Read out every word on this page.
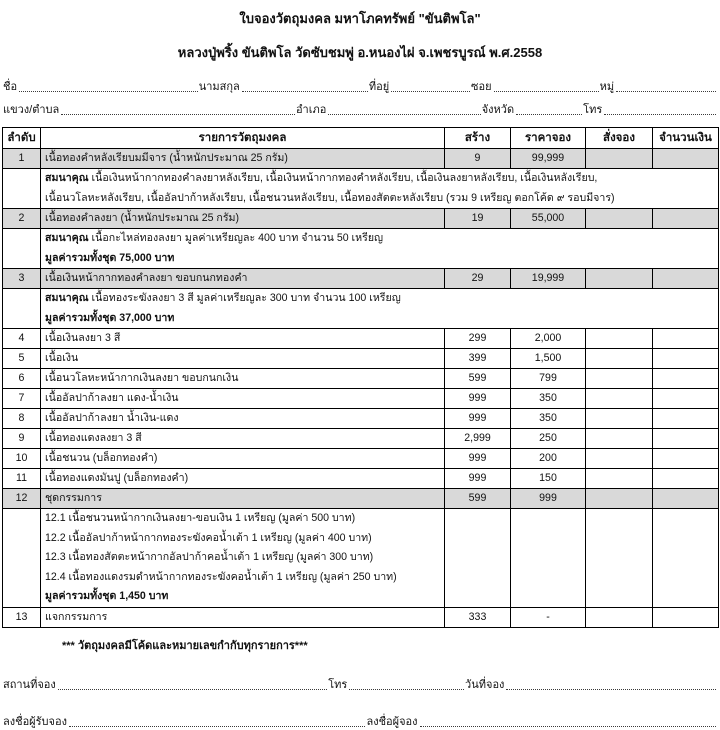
ใบจองวัตถุมงคล มหาโภคทรัพย์ "ขันติพโล"
หลวงปู่พริ้ง ขันติพโล วัดซับชมพู่ อ.หนองไผ่ จ.เพชรบูรณ์ พ.ศ.2558
ชื่อ	นามสกุล	ที่อยู่	ซอย	หมู่
แขวง/ตำบล	อำเภอ	จังหวัด	โทร
ลำดับ	รายการวัตถุมงคล	สร้าง	ราคาจอง	สั่งจอง	จำนวนเงิน
1	เนื้อทองคำหลังเรียบมมีจาร (น้ำหนักประมาณ 25 กรัม)	9	99,999		

	สมนาคุณ เนื้อเงินหน้ากากทองคำลงยาหลังเรียบ, เนื้อเงินหน้ากากทองคำหลังเรียบ, เนื้อเงินลงยาหลังเรียบ, เนื้อเงินหลังเรียบ,
เนื้อนวโลหะหลังเรียบ, เนื้ออัลปาก้าหลังเรียบ, เนื้อชนวนหลังเรียบ, เนื้อทองสัตตะหลังเรียบ (รวม 9 เหรียญ ตอกโค้ด ๙ รอบมีจาร)				

2	เนื้อทองคำลงยา (น้ำหนักประมาณ 25 กรัม)	19	55,000		

	สมนาคุณ เนื้อกะไหล่ทองลงยา มูลค่าเหรียญละ 400 บาท จำนวน 50 เหรียญ
มูลค่ารวมทั้งชุด 75,000 บาท				

3	เนื้อเงินหน้ากากทองคำลงยา ขอบกนกทองคำ	29	19,999		

	สมนาคุณ เนื้อทองระฆังลงยา 3 สี มูลค่าเหรียญละ 300 บาท จำนวน 100 เหรียญ
มูลค่ารวมทั้งชุด 37,000 บาท				

4	เนื้อเงินลงยา 3 สี	299	2,000		
5	เนื้อเงิน	399	1,500		
6	เนื้อนวโลหะหน้ากากเงินลงยา ขอบกนกเงิน	599	799		
7	เนื้ออัลปาก้าลงยา แดง-น้ำเงิน	999	350		
8	เนื้ออัลปาก้าลงยา น้ำเงิน-แดง	999	350		
9	เนื้อทองแดงลงยา 3 สี	2,999	250		
10	เนื้อชนวน (บล็อกทองคำ)	999	200		
11	เนื้อทองแดงมันปู (บล็อกทองคำ)	999	150		
12	ชุดกรรมการ	599	999		

	12.1 เนื้อชนวนหน้ากากเงินลงยา-ขอบเงิน 1 เหรียญ (มูลค่า 500 บาท)
12.2 เนื้ออัลปาก้าหน้ากากทองระฆังคอน้ำเต้า 1 เหรียญ (มูลค่า 400 บาท)
12.3 เนื้อทองสัตตะหน้ากากอัลปาก้าคอน้ำเต้า 1 เหรียญ (มูลค่า 300 บาท)
12.4 เนื้อทองแดงรมดำหน้ากากทองระฆังคอน้ำเต้า 1 เหรียญ (มูลค่า 250 บาท)
มูลค่ารวมทั้งชุด 1,450 บาท				

13	แจกกรรมการ	333	-		
*** วัตถุมงคลมีโค้ดและหมายเลขกำกับทุกรายการ***
สถานที่จอง	โทร	วันที่จอง
ลงชื่อผู้รับจอง	ลงชื่อผู้จอง
